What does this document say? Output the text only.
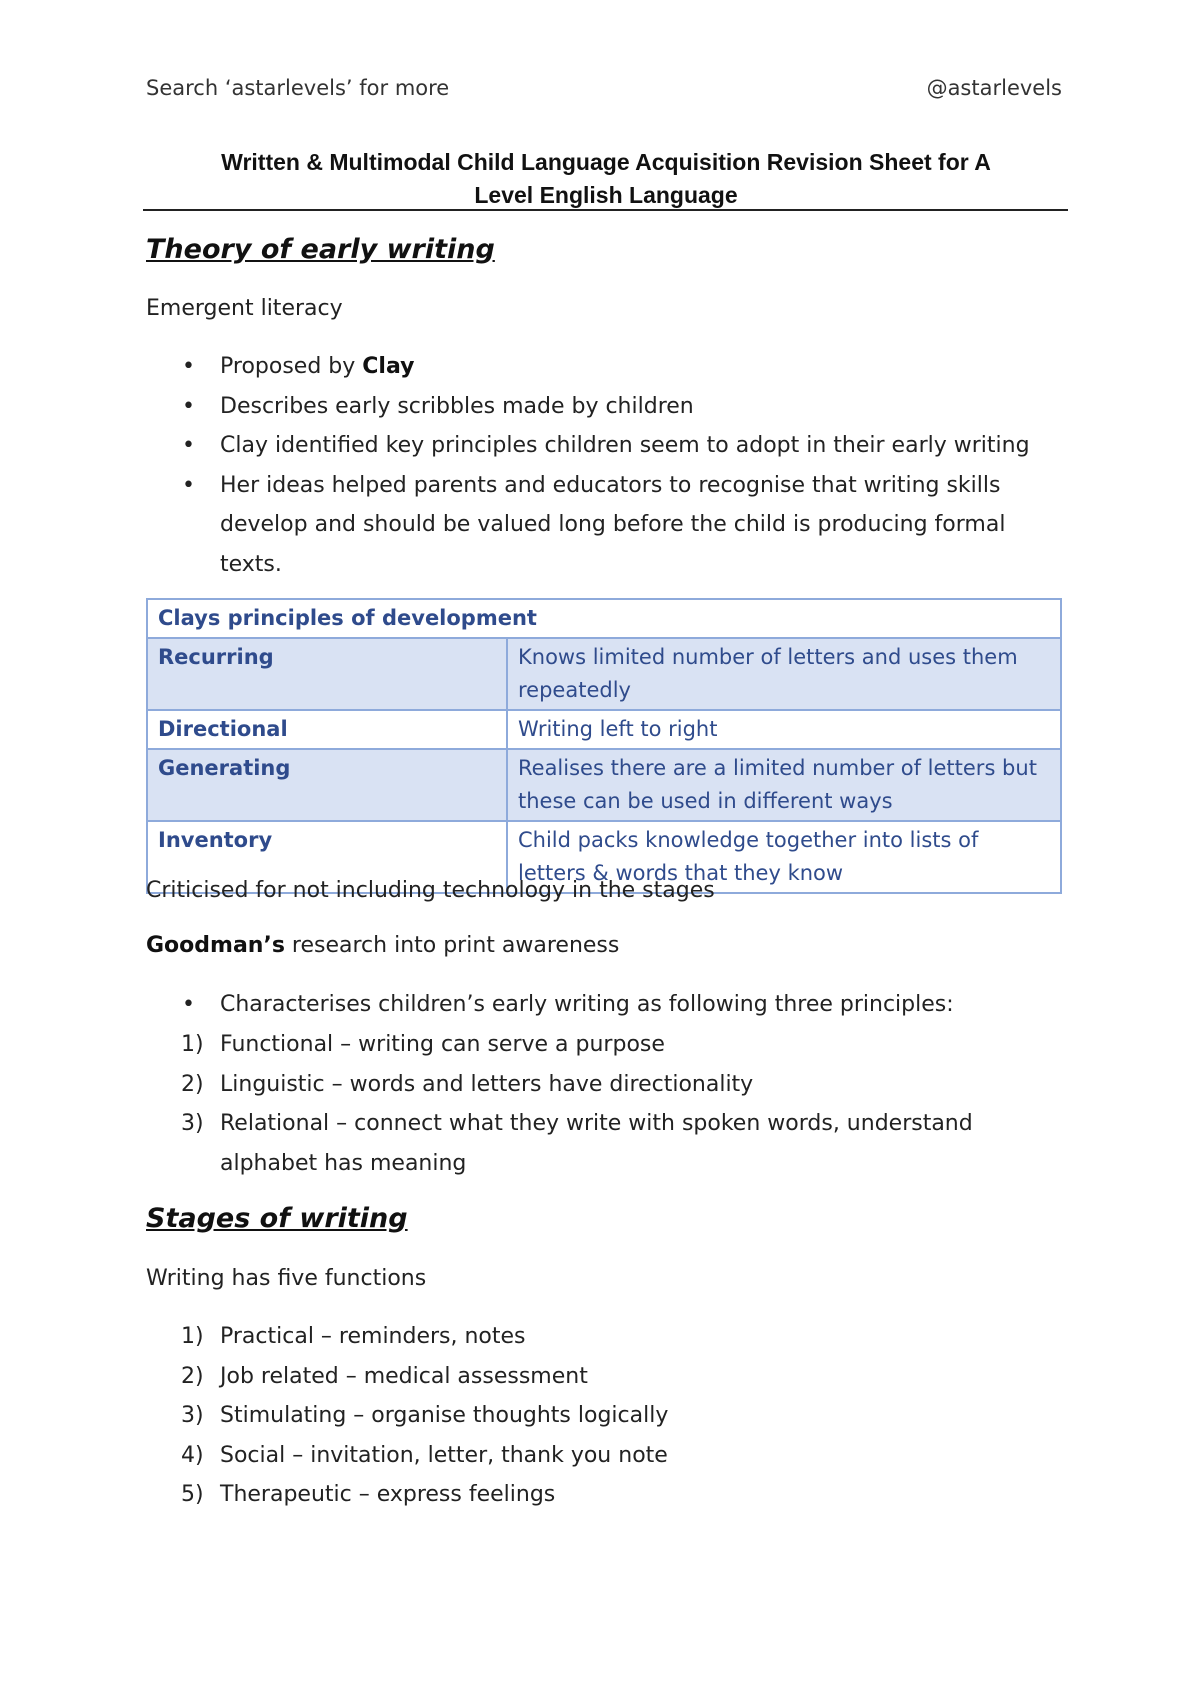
Search ‘astarlevels’ for more	@astarlevels
Written & Multimodal Child Language Acquisition Revision Sheet for A
Level English Language
Theory of early writing
Emergent literacy
• Proposed by Clay
• Describes early scribbles made by children
• Clay identified key principles children seem to adopt in their early writing
• Her ideas helped parents and educators to recognise that writing skills
develop and should be valued long before the child is producing formal
texts.
Clays principles of development	
Recurring	Knows limited number of letters and uses them repeatedly
Directional	Writing left to right
Generating	Realises there are a limited number of letters but these can be used in different ways
Inventory	Child packs knowledge together into lists of letters & words that they know
Criticised for not including technology in the stages
Goodman’s research into print awareness
• Characterises children’s early writing as following three principles:
1) Functional – writing can serve a purpose
2) Linguistic – words and letters have directionality
3) Relational – connect what they write with spoken words, understand
alphabet has meaning
Stages of writing
Writing has five functions
1) Practical – reminders, notes
2) Job related – medical assessment
3) Stimulating – organise thoughts logically
4) Social – invitation, letter, thank you note
5) Therapeutic – express feelings
